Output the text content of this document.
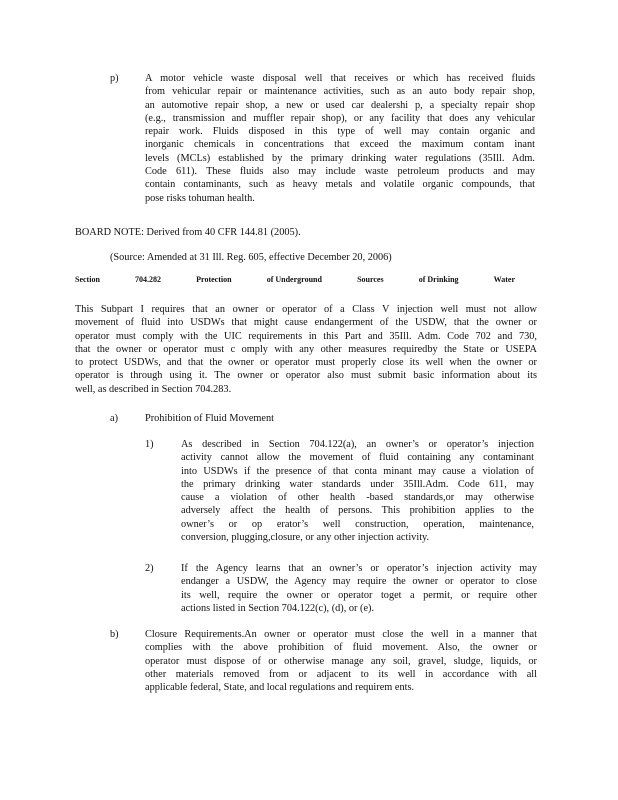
p)	A motor vehicle waste disposal well that receives or which has received fluids
from vehicular repair or maintenance activities, such as an auto body repair shop,
an automotive repair shop, a new or used car dealershi p, a specialty repair shop
(e.g., transmission and muffler repair shop), or any facility that does any vehicular
repair work. Fluids disposed in this type of well may contain organic and
inorganic chemicals in concentrations that exceed the maximum contam inant
levels (MCLs) established by the primary drinking water regulations (35Ill. Adm.
Code 611). These fluids also may include waste petroleum products and may
contain contaminants, such as heavy metals and volatile organic compounds, that
pose risks tohuman health.
BOARD NOTE: Derived from 40 CFR 144.81 (2005).
(Source: Amended at 31 Ill. Reg. 605, effective December 20, 2006)
Section	704.282	Protection	of Underground	Sources	of Drinking	Water
This Subpart I requires that an owner or operator of a Class V injection well must not allow
movement of fluid into USDWs that might cause endangerment of the USDW, that the owner or
operator must comply with the UIC requirements in this Part and 35Ill. Adm. Code 702 and 730,
that the owner or operator must c omply with any other measures requiredby the State or USEPA
to protect USDWs, and that the owner or operator must properly close its well when the owner or
operator is through using it. The owner or operator also must submit basic information about its
well, as described in Section 704.283.
a)	Prohibition of Fluid Movement
1)	As described in Section 704.122(a), an owner’s or operator’s injection
activity cannot allow the movement of fluid containing any contaminant
into USDWs if the presence of that conta minant may cause a violation of
the primary drinking water standards under 35Ill.Adm. Code 611, may
cause a violation of other health -based standards,or may otherwise
adversely affect the health of persons. This prohibition applies to the
owner’s or op erator’s well construction, operation, maintenance,
conversion, plugging,closure, or any other injection activity.
2)	If the Agency learns that an owner’s or operator’s injection activity may
endanger a USDW, the Agency may require the owner or operator to close
its well, require the owner or operator toget a permit, or require other
actions listed in Section 704.122(c), (d), or (e).
b)	Closure Requirements.An owner or operator must close the well in a manner that
complies with the above prohibition of fluid movement. Also, the owner or
operator must dispose of or otherwise manage any soil, gravel, sludge, liquids, or
other materials removed from or adjacent to its well in accordance with all
applicable federal, State, and local regulations and requirem ents.
